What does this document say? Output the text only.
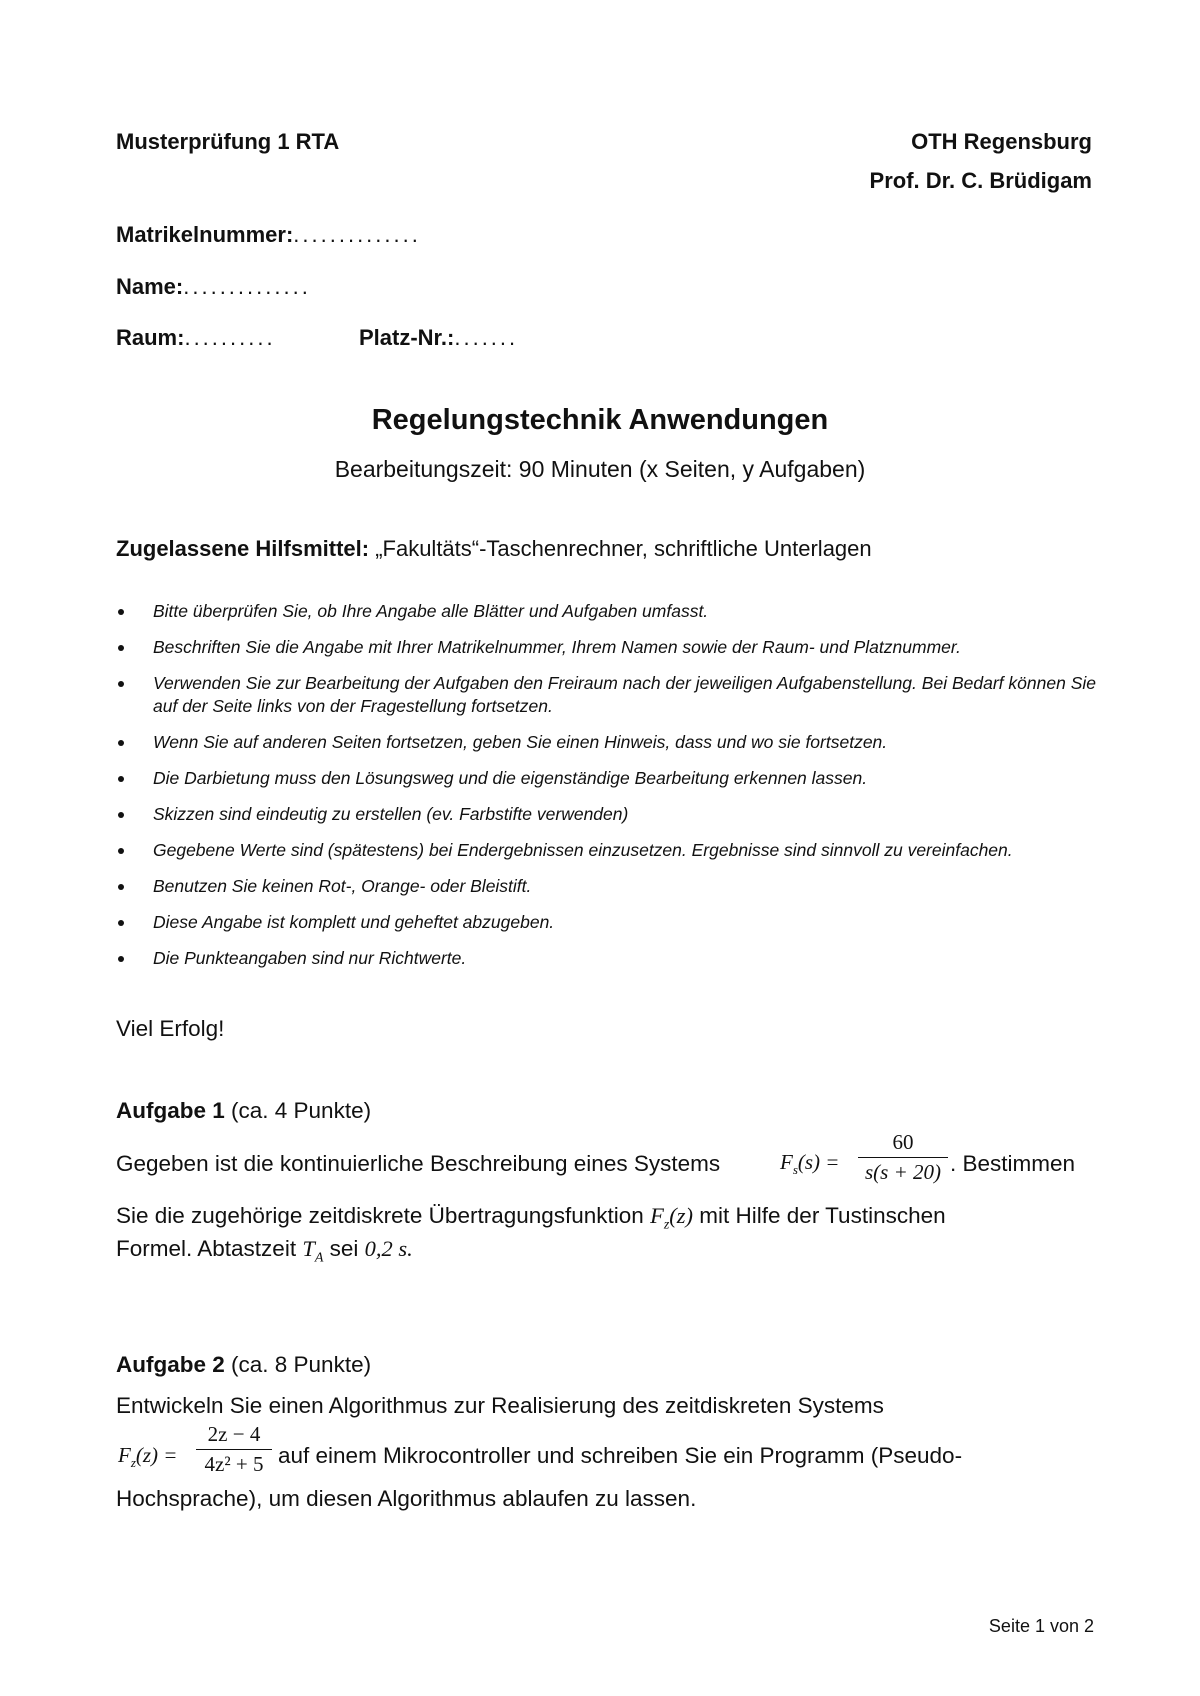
Musterprüfung 1 RTA	OTH Regensburg
Prof. Dr. C. Brüdigam
Matrikelnummer:..............
Name:..............
Raum:..........	Platz-Nr.:.......
Regelungstechnik Anwendungen
Bearbeitungszeit: 90 Minuten (x Seiten, y Aufgaben)
Zugelassene Hilfsmittel: „Fakultäts“-Taschenrechner, schriftliche Unterlagen
Bitte überprüfen Sie, ob Ihre Angabe alle Blätter und Aufgaben umfasst.
Beschriften Sie die Angabe mit Ihrer Matrikelnummer, Ihrem Namen sowie der Raum- und Platznummer.
Verwenden Sie zur Bearbeitung der Aufgaben den Freiraum nach der jeweiligen Aufgabenstellung. Bei Bedarf können Sie auf der Seite links von der Fragestellung fortsetzen.
Wenn Sie auf anderen Seiten fortsetzen, geben Sie einen Hinweis, dass und wo sie fortsetzen.
Die Darbietung muss den Lösungsweg und die eigenständige Bearbeitung erkennen lassen.
Skizzen sind eindeutig zu erstellen (ev. Farbstifte verwenden)
Gegebene Werte sind (spätestens) bei Endergebnissen einzusetzen. Ergebnisse sind sinnvoll zu vereinfachen.
Benutzen Sie keinen Rot-, Orange- oder Bleistift.
Diese Angabe ist komplett und geheftet abzugeben.
Die Punkteangaben sind nur Richtwerte.
Viel Erfolg!
Aufgabe 1 (ca. 4 Punkte)
Gegeben ist die kontinuierliche Beschreibung eines Systems	$F_s(s)$ =
60
s(s + 20) . Bestimmen
Sie die zugehörige zeitdiskrete Übertragungsfunktion $F_z(z)$ mit Hilfe der Tustinschen
Formel. Abtastzeit $T_A$ sei 0,2 s.
Aufgabe 2 (ca. 8 Punkte)
Entwickeln Sie einen Algorithmus zur Realisierung des zeitdiskreten Systems
$F_z(z)$ =
2z − 4
4z² + 5 auf einem Mikrocontroller und schreiben Sie ein Programm (Pseudo-
Hochsprache), um diesen Algorithmus ablaufen zu lassen.
Seite 1 von 2
